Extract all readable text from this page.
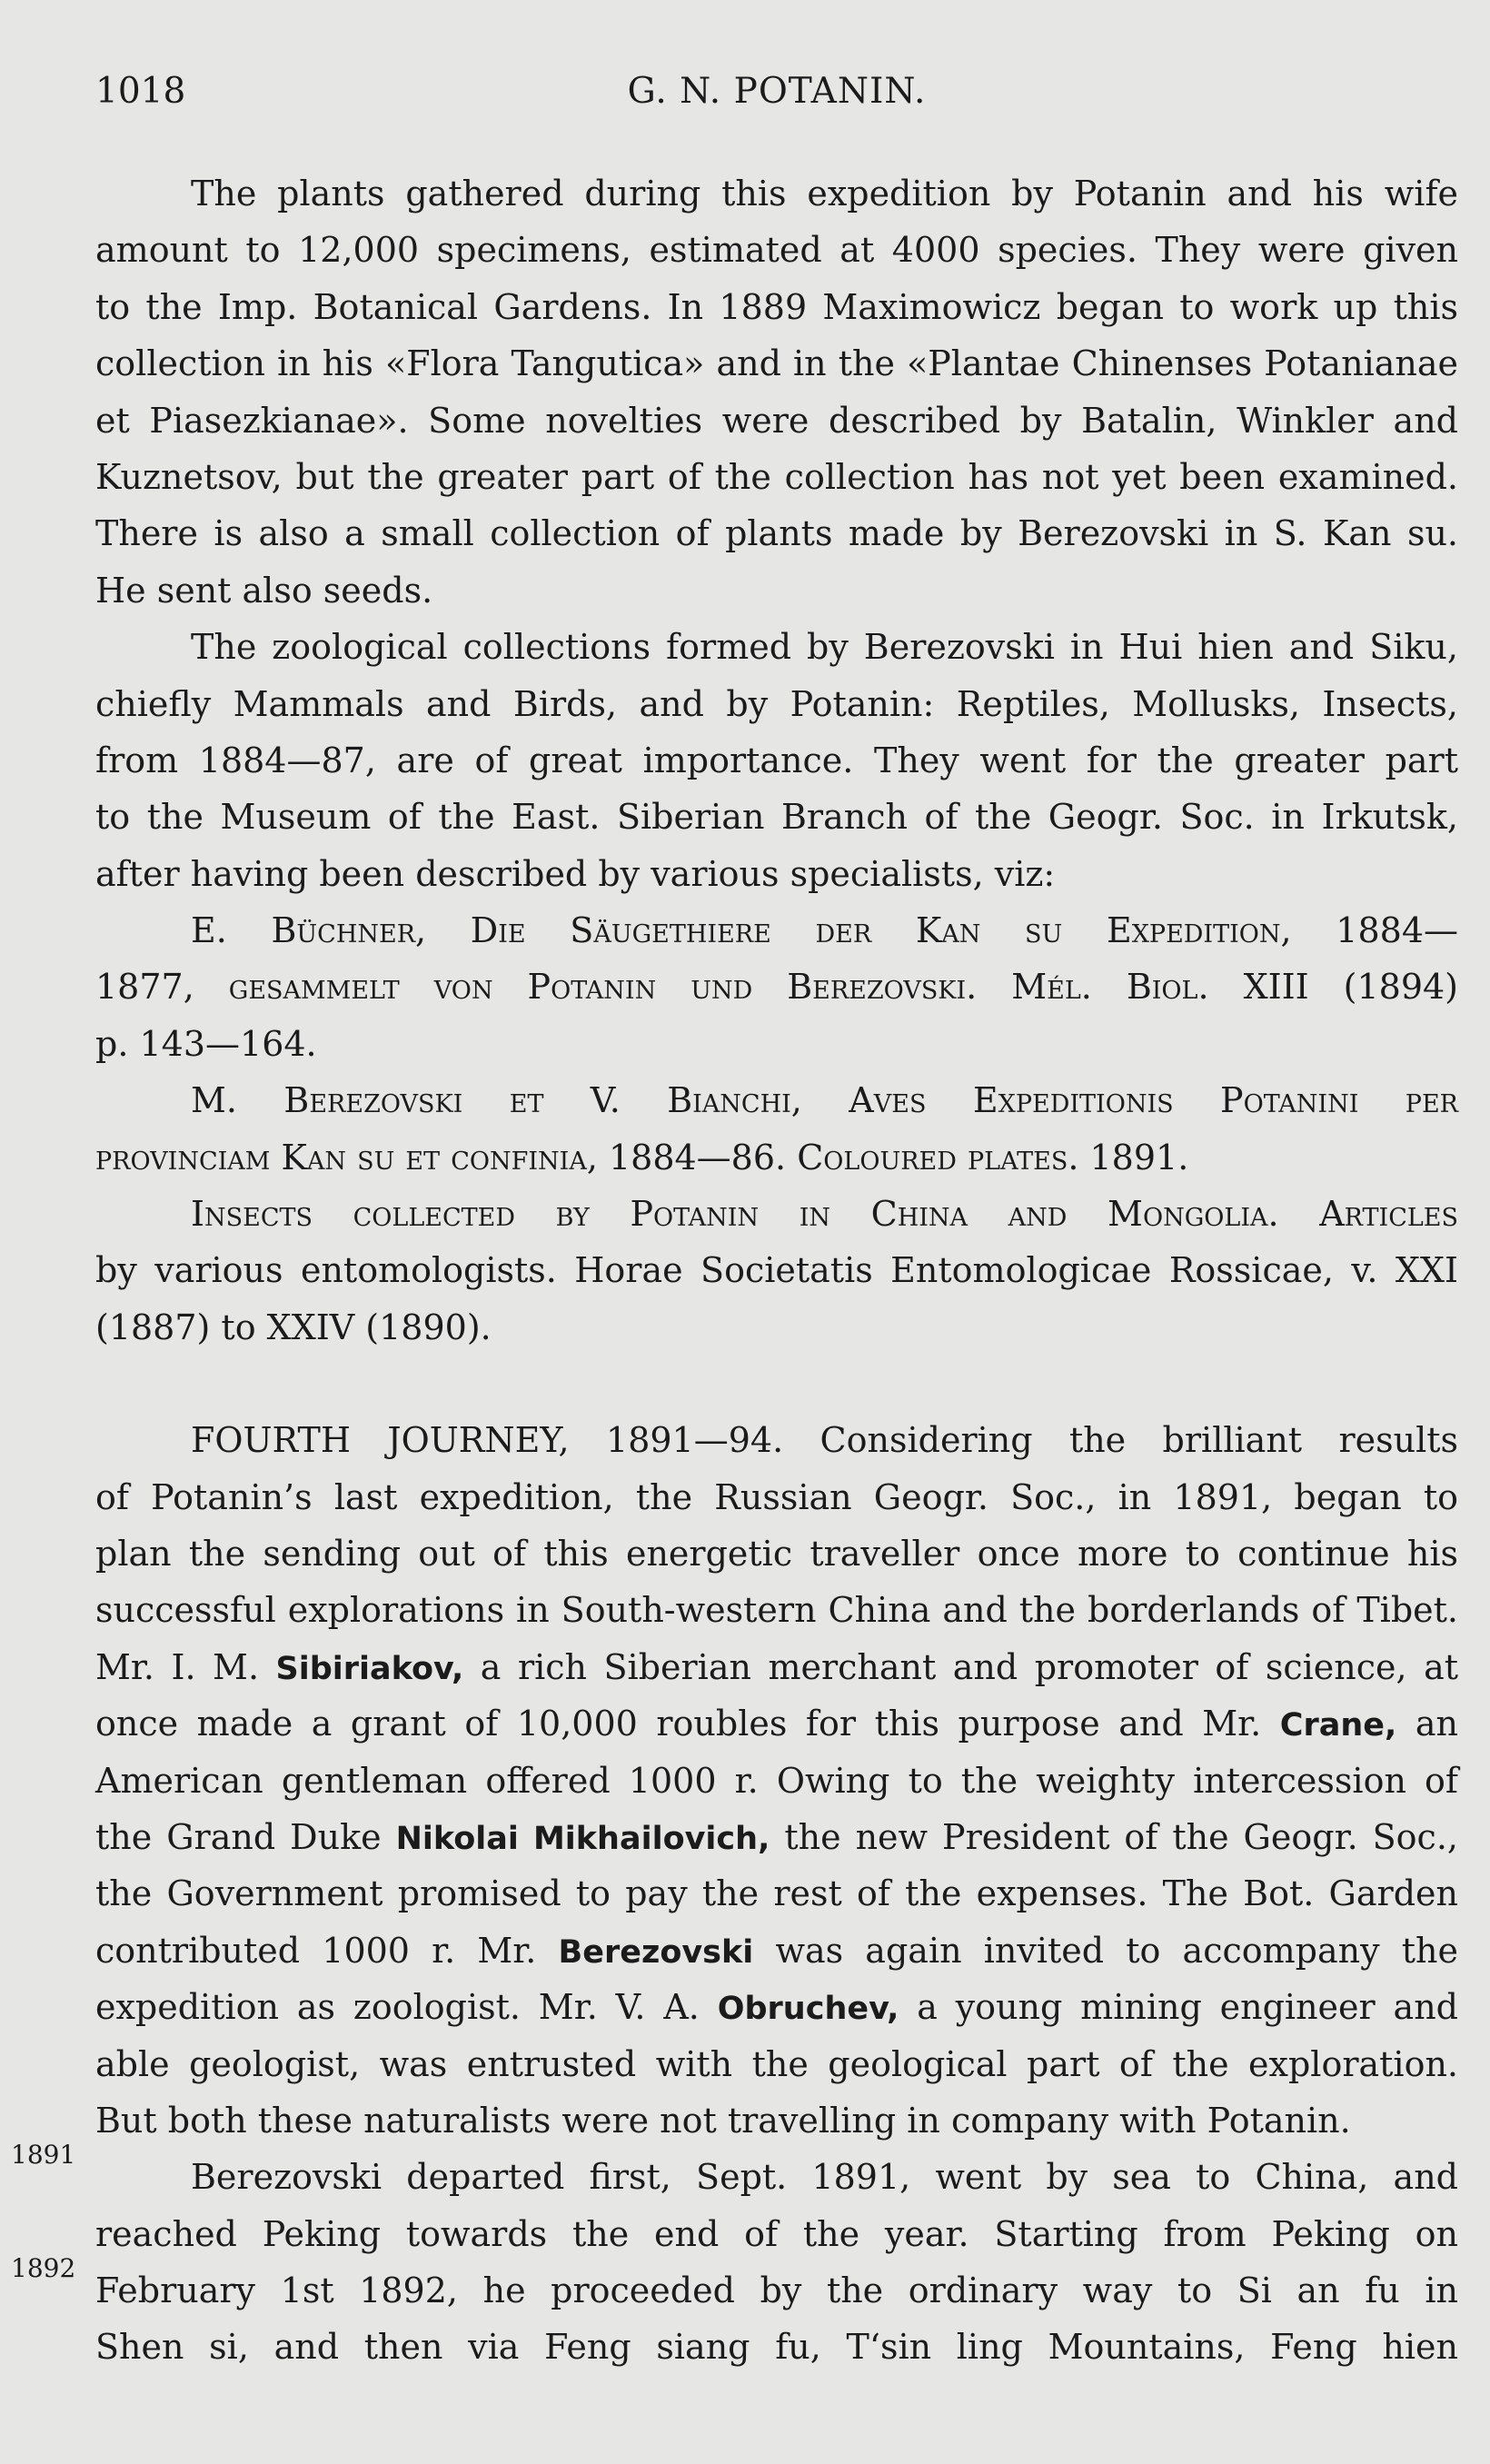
1018	G. N. POTANIN.
The plants gathered during this expedition by Potanin and his wife
amount to 12,000 specimens, estimated at 4000 species. They were given
to the Imp. Botanical Gardens. In 1889 Maximowicz began to work up this
collection in his «Flora Tangutica» and in the «Plantae Chinenses Potanianae
et Piasezkianae». Some novelties were described by Batalin, Winkler and
Kuznetsov, but the greater part of the collection has not yet been examined.
There is also a small collection of plants made by Berezovski in S. Kan su.
He sent also seeds.
The zoological collections formed by Berezovski in Hui hien and Siku,
chiefly Mammals and Birds, and by Potanin: Reptiles, Mollusks, Insects,
from 1884—87, are of great importance. They went for the greater part
to the Museum of the East. Siberian Branch of the Geogr. Soc. in Irkutsk,
after having been described by various specialists, viz:
E. Büchner, Die Säugethiere der Kan su Expedition, 1884—
1877, gesammelt von Potanin und Berezovski. Mél. Biol. XIII (1894)
p. 143—164.
M. Berezovski et V. Bianchi, Aves Expeditionis Potanini per
provinciam Kan su et confinia, 1884—86. Coloured plates. 1891.
Insects collected by Potanin in China and Mongolia. Articles
by various entomologists. Horae Societatis Entomologicae Rossicae, v. XXI
(1887) to XXIV (1890).
FOURTH JOURNEY, 1891—94. Considering the brilliant results
of Potanin’s last expedition, the Russian Geogr. Soc., in 1891, began to
plan the sending out of this energetic traveller once more to continue his
successful explorations in South-western China and the borderlands of Tibet.
Mr. I. M. Sibiriakov, a rich Siberian merchant and promoter of science, at
once made a grant of 10,000 roubles for this purpose and Mr. Crane, an
American gentleman offered 1000 r. Owing to the weighty intercession of
the Grand Duke Nikolai Mikhailovich, the new President of the Geogr. Soc.,
the Government promised to pay the rest of the expenses. The Bot. Garden
contributed 1000 r. Mr. Berezovski was again invited to accompany the
expedition as zoologist. Mr. V. A. Obruchev, a young mining engineer and
able geologist, was entrusted with the geological part of the exploration.
But both these naturalists were not travelling in company with Potanin.
Berezovski departed first, Sept. 1891, went by sea to China, and
reached Peking towards the end of the year. Starting from Peking on
February 1st 1892, he proceeded by the ordinary way to Si an fu in
Shen si, and then via Feng siang fu, Tʻsin ling Mountains, Feng hien
1891
1892
